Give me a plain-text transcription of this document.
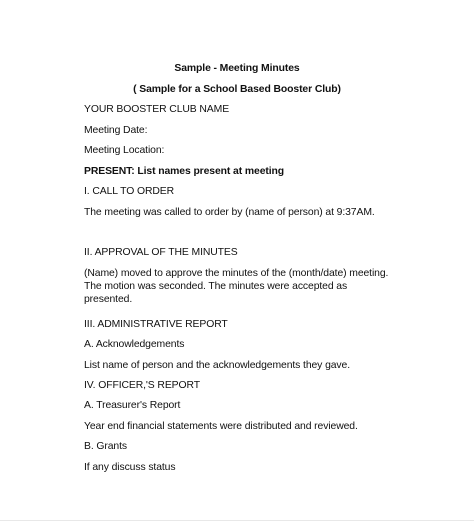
Sample - Meeting Minutes
( Sample for a School Based Booster Club)
YOUR BOOSTER CLUB NAME
Meeting Date:
Meeting Location:
PRESENT: List names present at meeting
I. CALL TO ORDER
The meeting was called to order by (name of person) at 9:37AM.
II. APPROVAL OF THE MINUTES
(Name) moved to approve the minutes of the (month/date) meeting. The motion was seconded. The minutes were accepted as presented.
III. ADMINISTRATIVE REPORT
A. Acknowledgements
List name of person and the acknowledgements they gave.
IV. OFFICER,'S REPORT
A. Treasurer's Report
Year end financial statements were distributed and reviewed.
B. Grants
If any discuss status
